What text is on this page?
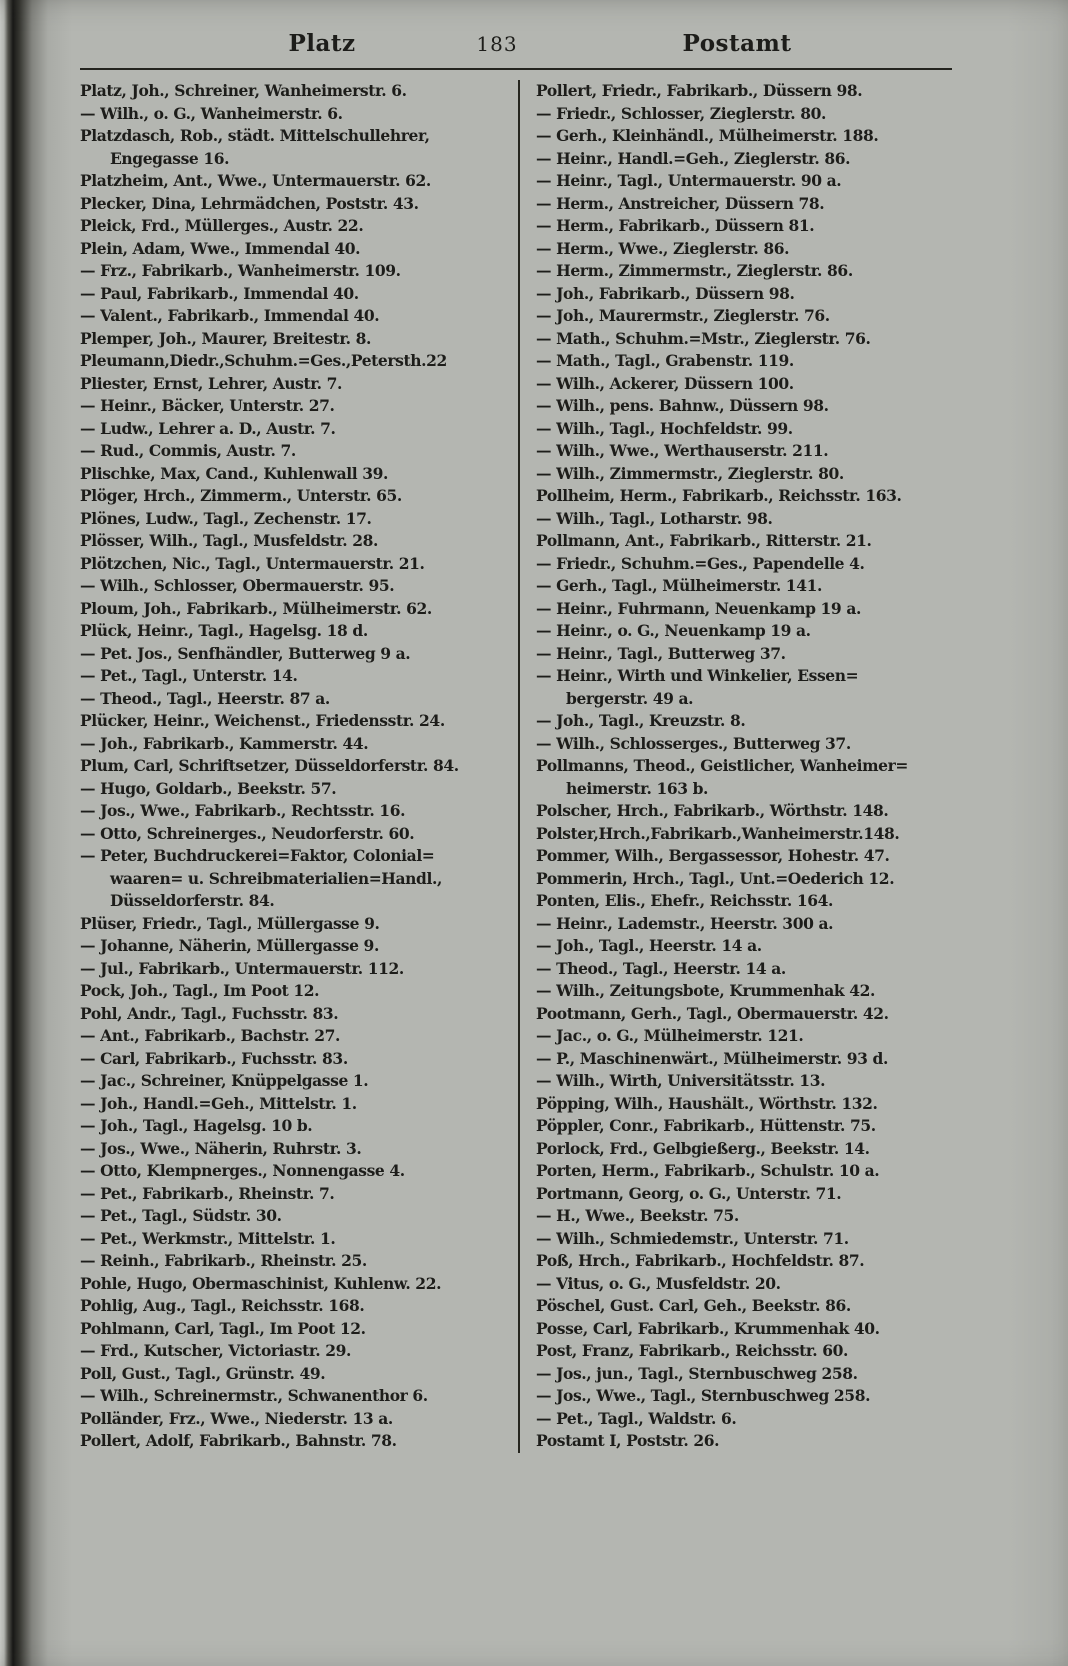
Platz	183	Postamt
Platz, Joh., Schreiner, Wanheimerstr. 6.
— Wilh., o. G., Wanheimerstr. 6.
Platzdasch, Rob., städt. Mittelschullehrer,
Engegasse 16.
Platzheim, Ant., Wwe., Untermauerstr. 62.
Plecker, Dina, Lehrmädchen, Poststr. 43.
Pleick, Frd., Müllerges., Austr. 22.
Plein, Adam, Wwe., Immendal 40.
— Frz., Fabrikarb., Wanheimerstr. 109.
— Paul, Fabrikarb., Immendal 40.
— Valent., Fabrikarb., Immendal 40.
Plemper, Joh., Maurer, Breitestr. 8.
Pleumann,Diedr.,Schuhm.=Ges.,Petersth.22
Pliester, Ernst, Lehrer, Austr. 7.
— Heinr., Bäcker, Unterstr. 27.
— Ludw., Lehrer a. D., Austr. 7.
— Rud., Commis, Austr. 7.
Plischke, Max, Cand., Kuhlenwall 39.
Plöger, Hrch., Zimmerm., Unterstr. 65.
Plönes, Ludw., Tagl., Zechenstr. 17.
Plösser, Wilh., Tagl., Musfeldstr. 28.
Plötzchen, Nic., Tagl., Untermauerstr. 21.
— Wilh., Schlosser, Obermauerstr. 95.
Ploum, Joh., Fabrikarb., Mülheimerstr. 62.
Plück, Heinr., Tagl., Hagelsg. 18 d.
— Pet. Jos., Senfhändler, Butterweg 9 a.
— Pet., Tagl., Unterstr. 14.
— Theod., Tagl., Heerstr. 87 a.
Plücker, Heinr., Weichenst., Friedensstr. 24.
— Joh., Fabrikarb., Kammerstr. 44.
Plum, Carl, Schriftsetzer, Düsseldorferstr. 84.
— Hugo, Goldarb., Beekstr. 57.
— Jos., Wwe., Fabrikarb., Rechtsstr. 16.
— Otto, Schreinerges., Neudorferstr. 60.
— Peter, Buchdruckerei=Faktor, Colonial=
waaren= u. Schreibmaterialien=Handl.,
Düsseldorferstr. 84.
Plüser, Friedr., Tagl., Müllergasse 9.
— Johanne, Näherin, Müllergasse 9.
— Jul., Fabrikarb., Untermauerstr. 112.
Pock, Joh., Tagl., Im Poot 12.
Pohl, Andr., Tagl., Fuchsstr. 83.
— Ant., Fabrikarb., Bachstr. 27.
— Carl, Fabrikarb., Fuchsstr. 83.
— Jac., Schreiner, Knüppelgasse 1.
— Joh., Handl.=Geh., Mittelstr. 1.
— Joh., Tagl., Hagelsg. 10 b.
— Jos., Wwe., Näherin, Ruhrstr. 3.
— Otto, Klempnerges., Nonnengasse 4.
— Pet., Fabrikarb., Rheinstr. 7.
— Pet., Tagl., Südstr. 30.
— Pet., Werkmstr., Mittelstr. 1.
— Reinh., Fabrikarb., Rheinstr. 25.
Pohle, Hugo, Obermaschinist, Kuhlenw. 22.
Pohlig, Aug., Tagl., Reichsstr. 168.
Pohlmann, Carl, Tagl., Im Poot 12.
— Frd., Kutscher, Victoriastr. 29.
Poll, Gust., Tagl., Grünstr. 49.
— Wilh., Schreinermstr., Schwanenthor 6.
Polländer, Frz., Wwe., Niederstr. 13 a.
Pollert, Adolf, Fabrikarb., Bahnstr. 78.
Pollert, Friedr., Fabrikarb., Düssern 98.
— Friedr., Schlosser, Zieglerstr. 80.
— Gerh., Kleinhändl., Mülheimerstr. 188.
— Heinr., Handl.=Geh., Zieglerstr. 86.
— Heinr., Tagl., Untermauerstr. 90 a.
— Herm., Anstreicher, Düssern 78.
— Herm., Fabrikarb., Düssern 81.
— Herm., Wwe., Zieglerstr. 86.
— Herm., Zimmermstr., Zieglerstr. 86.
— Joh., Fabrikarb., Düssern 98.
— Joh., Maurermstr., Zieglerstr. 76.
— Math., Schuhm.=Mstr., Zieglerstr. 76.
— Math., Tagl., Grabenstr. 119.
— Wilh., Ackerer, Düssern 100.
— Wilh., pens. Bahnw., Düssern 98.
— Wilh., Tagl., Hochfeldstr. 99.
— Wilh., Wwe., Werthauserstr. 211.
— Wilh., Zimmermstr., Zieglerstr. 80.
Pollheim, Herm., Fabrikarb., Reichsstr. 163.
— Wilh., Tagl., Lotharstr. 98.
Pollmann, Ant., Fabrikarb., Ritterstr. 21.
— Friedr., Schuhm.=Ges., Papendelle 4.
— Gerh., Tagl., Mülheimerstr. 141.
— Heinr., Fuhrmann, Neuenkamp 19 a.
— Heinr., o. G., Neuenkamp 19 a.
— Heinr., Tagl., Butterweg 37.
— Heinr., Wirth und Winkelier, Essen=
bergerstr. 49 a.
— Joh., Tagl., Kreuzstr. 8.
— Wilh., Schlosserges., Butterweg 37.
Pollmanns, Theod., Geistlicher, Wanheimer=
heimerstr. 163 b.
Polscher, Hrch., Fabrikarb., Wörthstr. 148.
Polster,Hrch.,Fabrikarb.,Wanheimerstr.148.
Pommer, Wilh., Bergassessor, Hohestr. 47.
Pommerin, Hrch., Tagl., Unt.=Oederich 12.
Ponten, Elis., Ehefr., Reichsstr. 164.
— Heinr., Lademstr., Heerstr. 300 a.
— Joh., Tagl., Heerstr. 14 a.
— Theod., Tagl., Heerstr. 14 a.
— Wilh., Zeitungsbote, Krummenhak 42.
Pootmann, Gerh., Tagl., Obermauerstr. 42.
— Jac., o. G., Mülheimerstr. 121.
— P., Maschinenwärt., Mülheimerstr. 93 d.
— Wilh., Wirth, Universitätsstr. 13.
Pöpping, Wilh., Haushält., Wörthstr. 132.
Pöppler, Conr., Fabrikarb., Hüttenstr. 75.
Porlock, Frd., Gelbgießerg., Beekstr. 14.
Porten, Herm., Fabrikarb., Schulstr. 10 a.
Portmann, Georg, o. G., Unterstr. 71.
— H., Wwe., Beekstr. 75.
— Wilh., Schmiedemstr., Unterstr. 71.
Poß, Hrch., Fabrikarb., Hochfeldstr. 87.
— Vitus, o. G., Musfeldstr. 20.
Pöschel, Gust. Carl, Geh., Beekstr. 86.
Posse, Carl, Fabrikarb., Krummenhak 40.
Post, Franz, Fabrikarb., Reichsstr. 60.
— Jos., jun., Tagl., Sternbuschweg 258.
— Jos., Wwe., Tagl., Sternbuschweg 258.
— Pet., Tagl., Waldstr. 6.
Postamt I, Poststr. 26.
